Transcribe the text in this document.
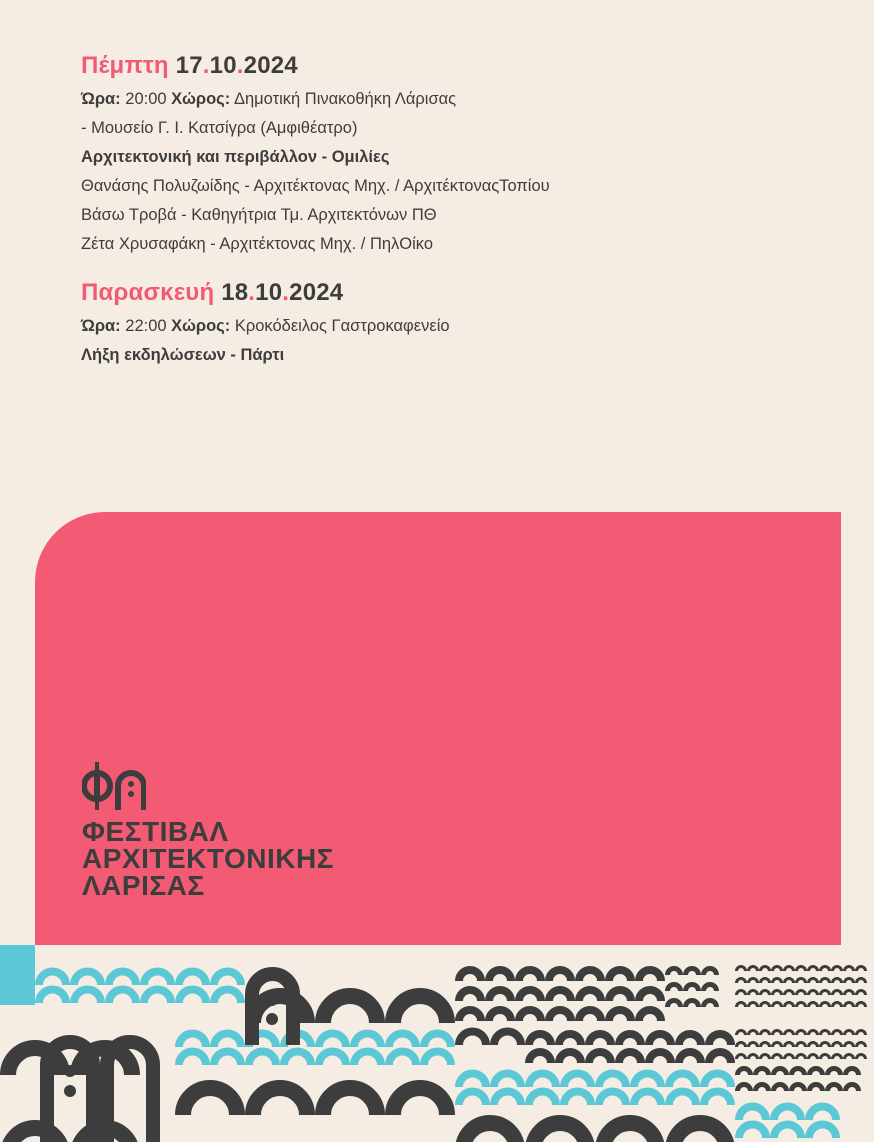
Πέμπτη 17.10.2024
Ώρα: 20:00 Χώρος: Δημοτική Πινακοθήκη Λάρισας
- Μουσείο Γ. Ι. Κατσίγρα (Αμφιθέατρο)
Αρχιτεκτονική και περιβάλλον - Ομιλίες
Θανάσης Πολυζωίδης - Αρχιτέκτονας Μηχ. / ΑρχιτέκτοναςΤοπίου
Βάσω Τροβά - Καθηγήτρια Τμ. Αρχιτεκτόνων ΠΘ
Ζέτα Χρυσαφάκη - Αρχιτέκτονας Μηχ. / ΠηλΟίκο
Παρασκευή 18.10.2024
Ώρα: 22:00 Χώρος: Κροκόδειλος Γαστροκαφενείο
Λήξη εκδηλώσεων - Πάρτι
ΦΕΣΤΙΒΑΛ
ΑΡΧΙΤΕΚΤΟΝΙΚΗΣ
ΛΑΡΙΣΑΣ
